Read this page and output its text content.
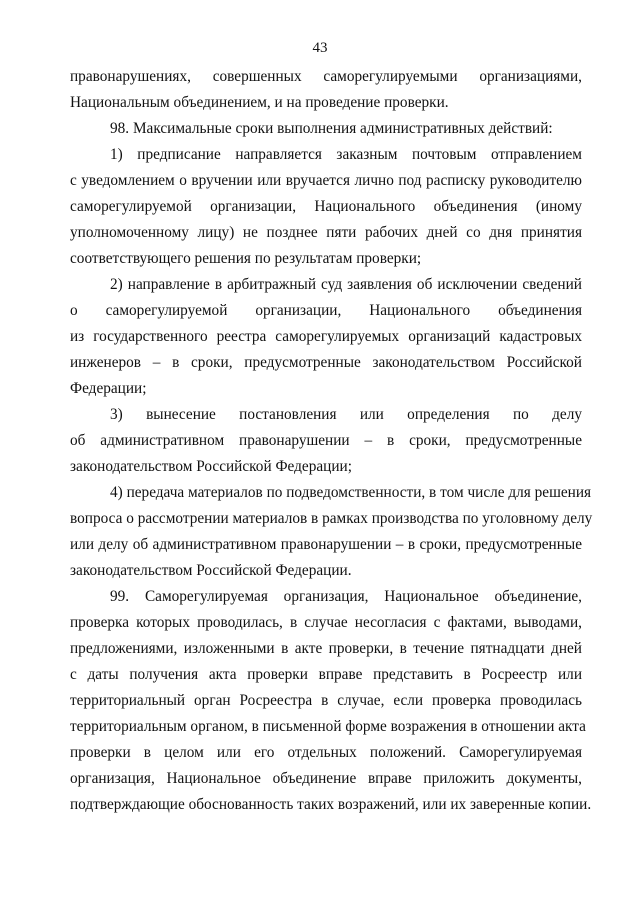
43
правонарушениях, совершенных саморегулируемыми организациями,
Национальным объединением, и на проведение проверки.
98. Максимальные сроки выполнения административных действий:
1) предписание направляется заказным почтовым отправлением
с уведомлением о вручении или вручается лично под расписку руководителю
саморегулируемой организации, Национального объединения (иному
уполномоченному лицу) не позднее пяти рабочих дней со дня принятия
соответствующего решения по результатам проверки;
2) направление в арбитражный суд заявления об исключении сведений
о саморегулируемой организации, Национального объединения
из государственного реестра саморегулируемых организаций кадастровых
инженеров – в сроки, предусмотренные законодательством Российской
Федерации;
3) вынесение постановления или определения по делу
об административном правонарушении – в сроки, предусмотренные
законодательством Российской Федерации;
4) передача материалов по подведомственности, в том числе для решения
вопроса о рассмотрении материалов в рамках производства по уголовному делу
или делу об административном правонарушении – в сроки, предусмотренные
законодательством Российской Федерации.
99. Саморегулируемая организация, Национальное объединение,
проверка которых проводилась, в случае несогласия с фактами, выводами,
предложениями, изложенными в акте проверки, в течение пятнадцати дней
с даты получения акта проверки вправе представить в Росреестр или
территориальный орган Росреестра в случае, если проверка проводилась
территориальным органом, в письменной форме возражения в отношении акта
проверки в целом или его отдельных положений. Саморегулируемая
организация, Национальное объединение вправе приложить документы,
подтверждающие обоснованность таких возражений, или их заверенные копии.
